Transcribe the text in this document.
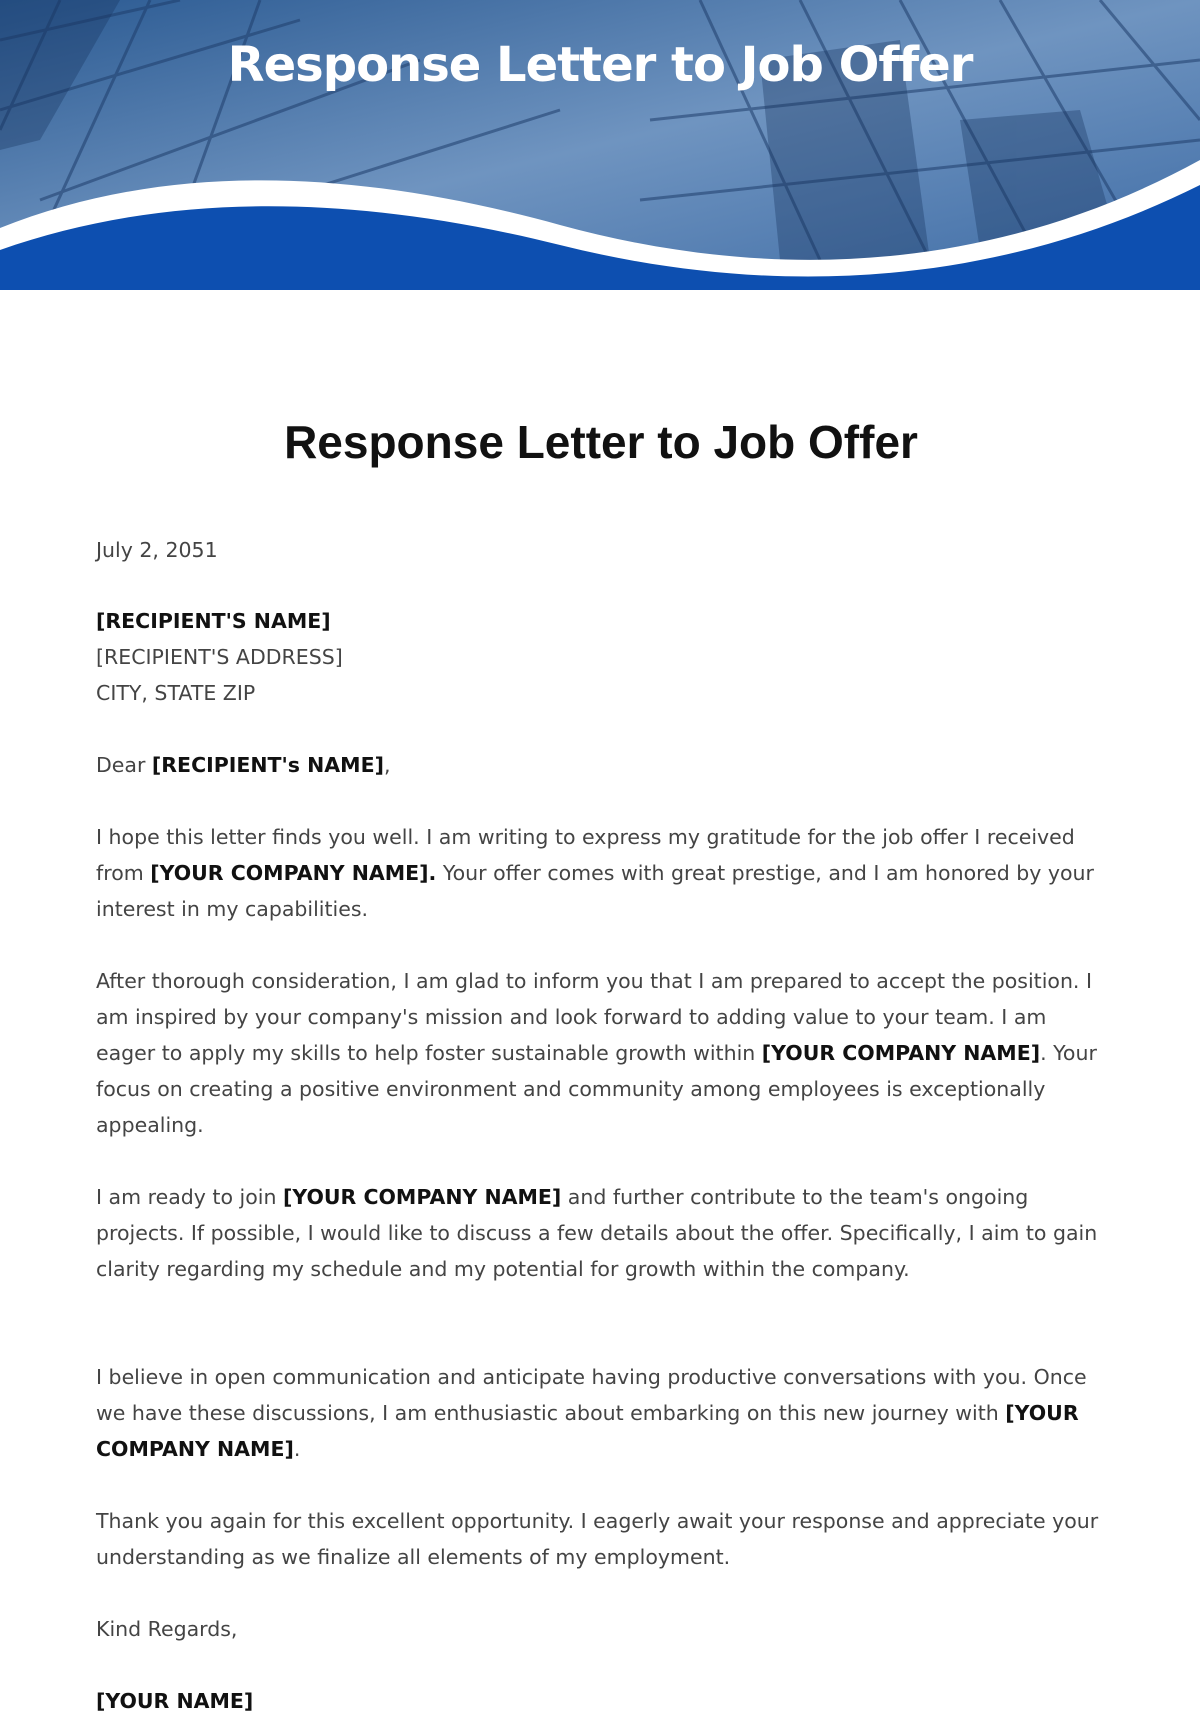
Response Letter to Job Offer
Response Letter to Job Offer

July 2, 2051

[RECIPIENT'S NAME]
[RECIPIENT'S ADDRESS]
CITY, STATE ZIP

Dear [RECIPIENT's NAME],

I hope this letter finds you well. I am writing to express my gratitude for the job offer I received from [YOUR COMPANY NAME]. Your offer comes with great prestige, and I am honored by your interest in my capabilities.

After thorough consideration, I am glad to inform you that I am prepared to accept the position. I am inspired by your company's mission and look forward to adding value to your team. I am eager to apply my skills to help foster sustainable growth within [YOUR COMPANY NAME]. Your focus on creating a positive environment and community among employees is exceptionally appealing.

I am ready to join [YOUR COMPANY NAME] and further contribute to the team's ongoing projects. If possible, I would like to discuss a few details about the offer. Specifically, I aim to gain clarity regarding my schedule and my potential for growth within the company.

I believe in open communication and anticipate having productive conversations with you. Once we have these discussions, I am enthusiastic about embarking on this new journey with [YOUR COMPANY NAME].

Thank you again for this excellent opportunity. I eagerly await your response and appreciate your understanding as we finalize all elements of my employment.

Kind Regards,

[YOUR NAME]
